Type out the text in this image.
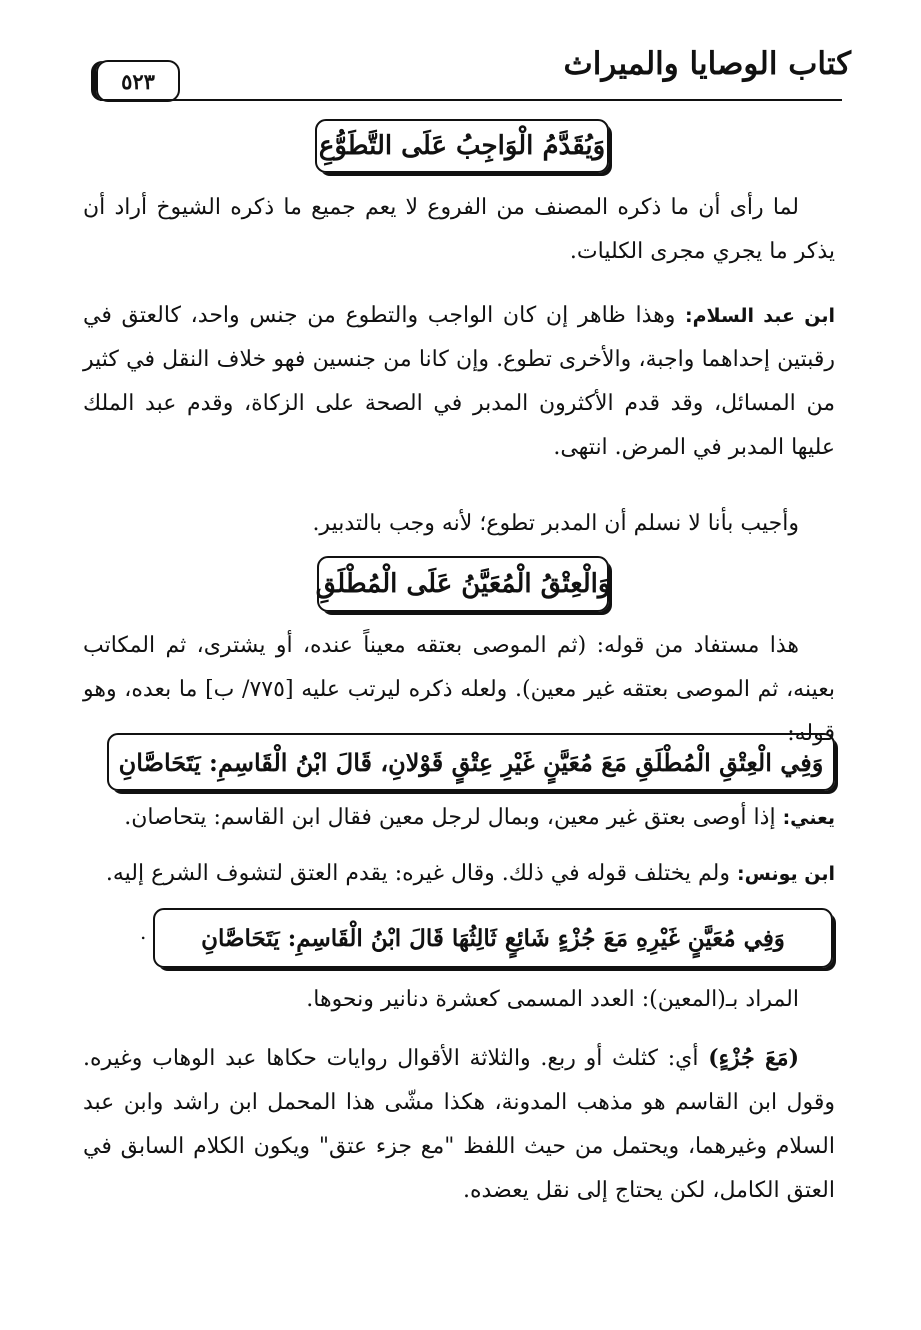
كتاب الوصايا والميراث
٥٢٣
وَيُقَدَّمُ الْوَاجِبُ عَلَى التَّطَوُّعِ
لما رأى أن ما ذكره المصنف من الفروع لا يعم جميع ما ذكره الشيوخ أراد أن يذكر ما يجري مجرى الكليات.
ابن عبد السلام: وهذا ظاهر إن كان الواجب والتطوع من جنس واحد، كالعتق في رقبتين إحداهما واجبة، والأخرى تطوع. وإن كانا من جنسين فهو خلاف النقل في كثير من المسائل، وقد قدم الأكثرون المدبر في الصحة على الزكاة، وقدم عبد الملك عليها المدبر في المرض. انتهى.
وأجيب بأنا لا نسلم أن المدبر تطوع؛ لأنه وجب بالتدبير.
وَالْعِتْقُ الْمُعَيَّنُ عَلَى الْمُطْلَقِ
هذا مستفاد من قوله: (ثم الموصى بعتقه معيناً عنده، أو يشترى، ثم المكاتب بعينه، ثم الموصى بعتقه غير معين). ولعله ذكره ليرتب عليه [٧٧٥/ ب] ما بعده، وهو قوله:
وَفِي الْعِتْقِ الْمُطْلَقِ مَعَ مُعَيَّنٍ غَيْرِ عِتْقٍ قَوْلانِ، قَالَ ابْنُ الْقَاسِمِ: يَتَحَاصَّانِ
يعني: إذا أوصى بعتق غير معين، وبمال لرجل معين فقال ابن القاسم: يتحاصان.
ابن يونس: ولم يختلف قوله في ذلك. وقال غيره: يقدم العتق لتشوف الشرع إليه.
وَفِي مُعَيَّنٍ غَيْرِهِ مَعَ جُزْءٍ شَائِعٍ ثَالِثُهَا قَالَ ابْنُ الْقَاسِمِ: يَتَحَاصَّانِ
.
المراد بـ(المعين): العدد المسمى كعشرة دنانير ونحوها.
(مَعَ جُزْءٍ) أي: كثلث أو ربع. والثلاثة الأقوال روايات حكاها عبد الوهاب وغيره. وقول ابن القاسم هو مذهب المدونة، هكذا مشّى هذا المحمل ابن راشد وابن عبد السلام وغيرهما، ويحتمل من حيث اللفظ "مع جزء عتق" ويكون الكلام السابق في العتق الكامل، لكن يحتاج إلى نقل يعضده.
